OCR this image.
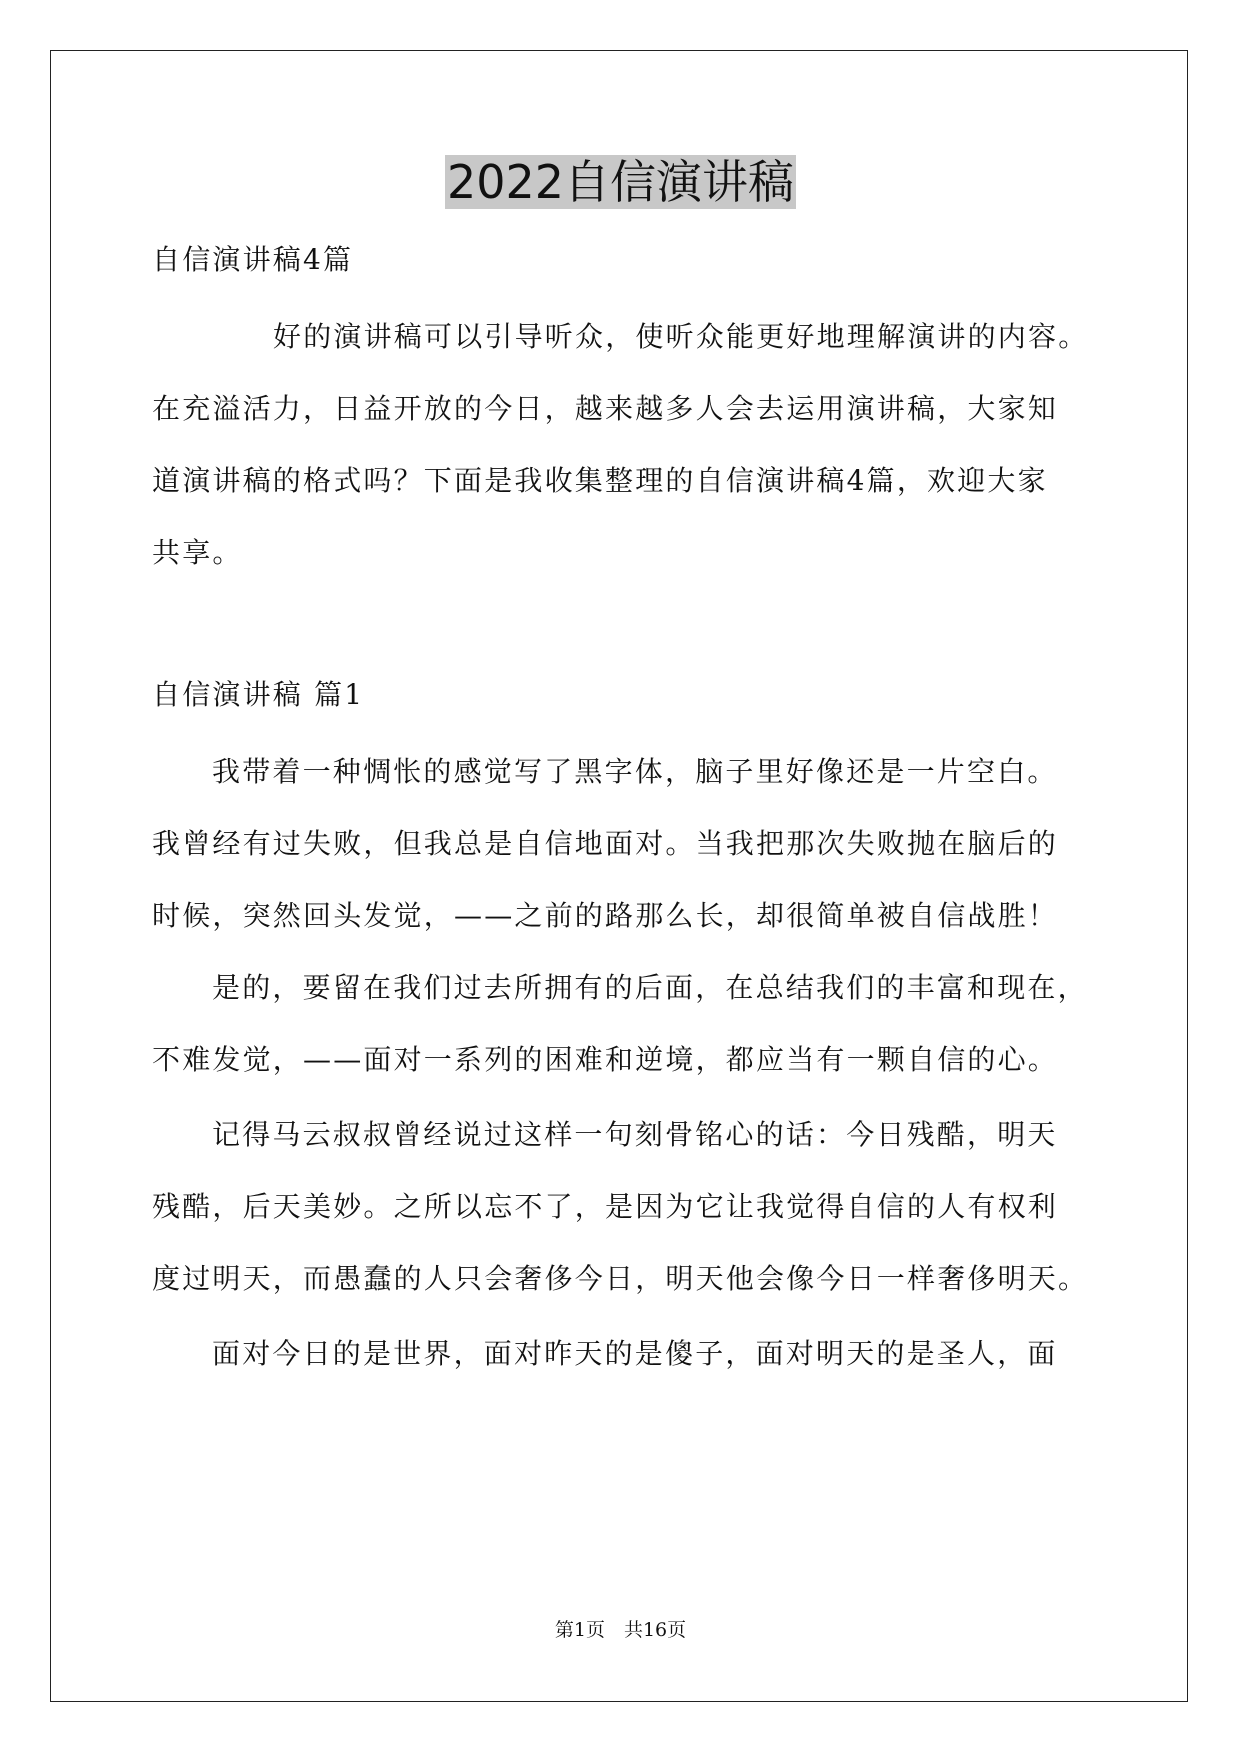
2022自信演讲稿
自信演讲稿4篇
好的演讲稿可以引导听众，使听众能更好地理解演讲的内容。
在充溢活力，日益开放的今日，越来越多人会去运用演讲稿，大家知
道演讲稿的格式吗？下面是我收集整理的自信演讲稿4篇，欢迎大家
共享。
自信演讲稿 篇1
我带着一种惆怅的感觉写了黑字体，脑子里好像还是一片空白。
我曾经有过失败，但我总是自信地面对。当我把那次失败抛在脑后的
时候，突然回头发觉，——之前的路那么长，却很简单被自信战胜！
是的，要留在我们过去所拥有的后面，在总结我们的丰富和现在，
不难发觉，——面对一系列的困难和逆境，都应当有一颗自信的心。
记得马云叔叔曾经说过这样一句刻骨铭心的话：今日残酷，明天
残酷，后天美妙。之所以忘不了，是因为它让我觉得自信的人有权利
度过明天，而愚蠢的人只会奢侈今日，明天他会像今日一样奢侈明天。
面对今日的是世界，面对昨天的是傻子，面对明天的是圣人，面
第1页　共16页
